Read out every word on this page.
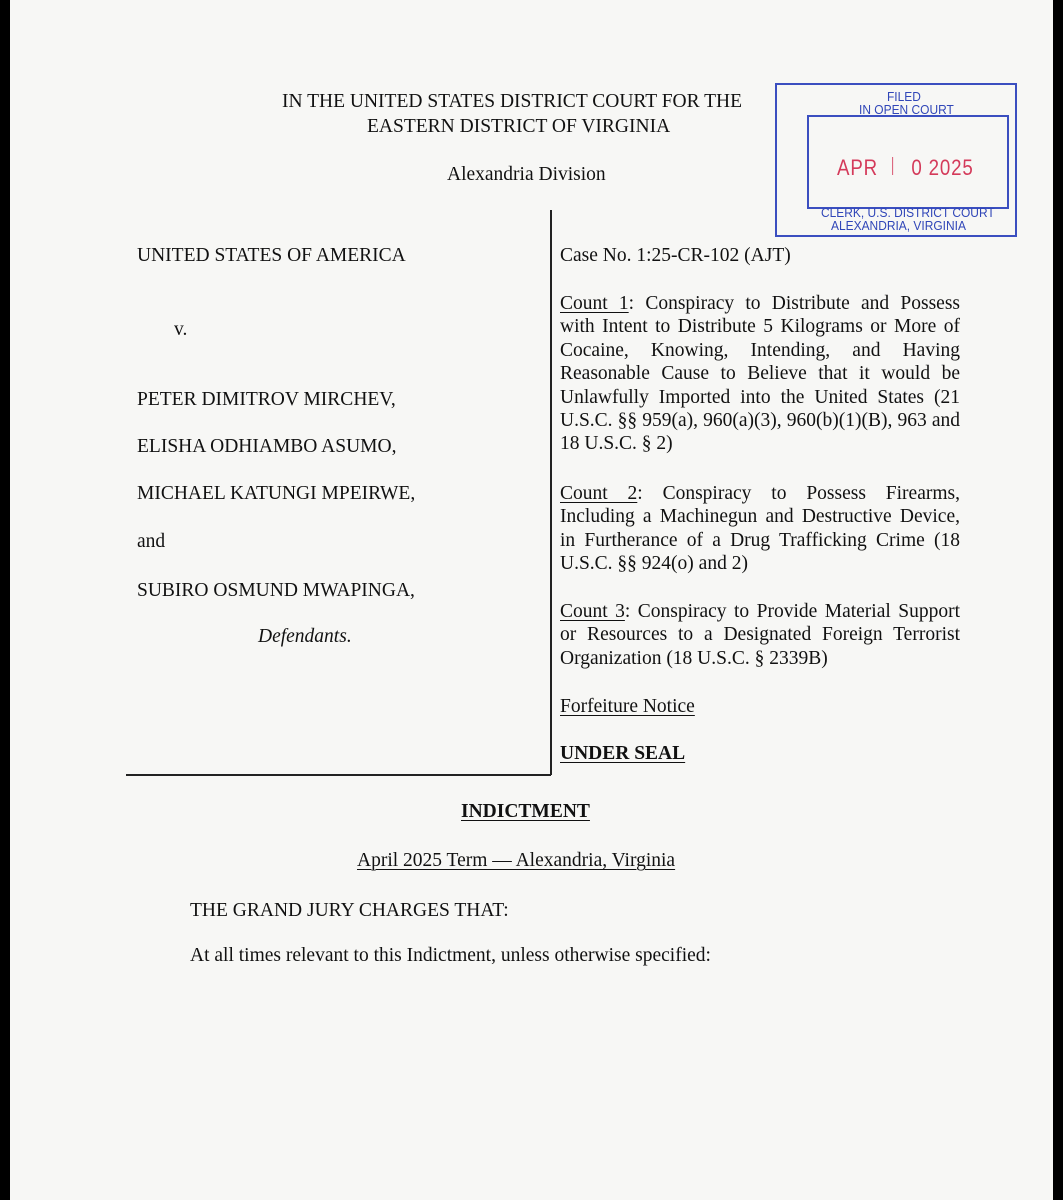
IN THE UNITED STATES DISTRICT COURT FOR THE
EASTERN DISTRICT OF VIRGINIA
Alexandria Division
FILED
IN OPEN COURT
APR 0 2025
CLERK, U.S. DISTRICT COURT
ALEXANDRIA, VIRGINIA
UNITED STATES OF AMERICA
v.
PETER DIMITROV MIRCHEV,
ELISHA ODHIAMBO ASUMO,
MICHAEL KATUNGI MPEIRWE,
and
SUBIRO OSMUND MWAPINGA,
Defendants.
Case No. 1:25-CR-102 (AJT)
Count 1: Conspiracy to Distribute and Possess with Intent to Distribute 5 Kilograms or More of Cocaine, Knowing, Intending, and Having Reasonable Cause to Believe that it would be Unlawfully Imported into the United States (21 U.S.C. §§ 959(a), 960(a)(3), 960(b)(1)(B), 963 and 18 U.S.C. § 2)
Count 2: Conspiracy to Possess Firearms, Including a Machinegun and Destructive Device, in Furtherance of a Drug Trafficking Crime (18 U.S.C. §§ 924(o) and 2)
Count 3: Conspiracy to Provide Material Support or Resources to a Designated Foreign Terrorist Organization (18 U.S.C. § 2339B)
Forfeiture Notice
UNDER SEAL
INDICTMENT
April 2025 Term — Alexandria, Virginia
THE GRAND JURY CHARGES THAT:
At all times relevant to this Indictment, unless otherwise specified:
